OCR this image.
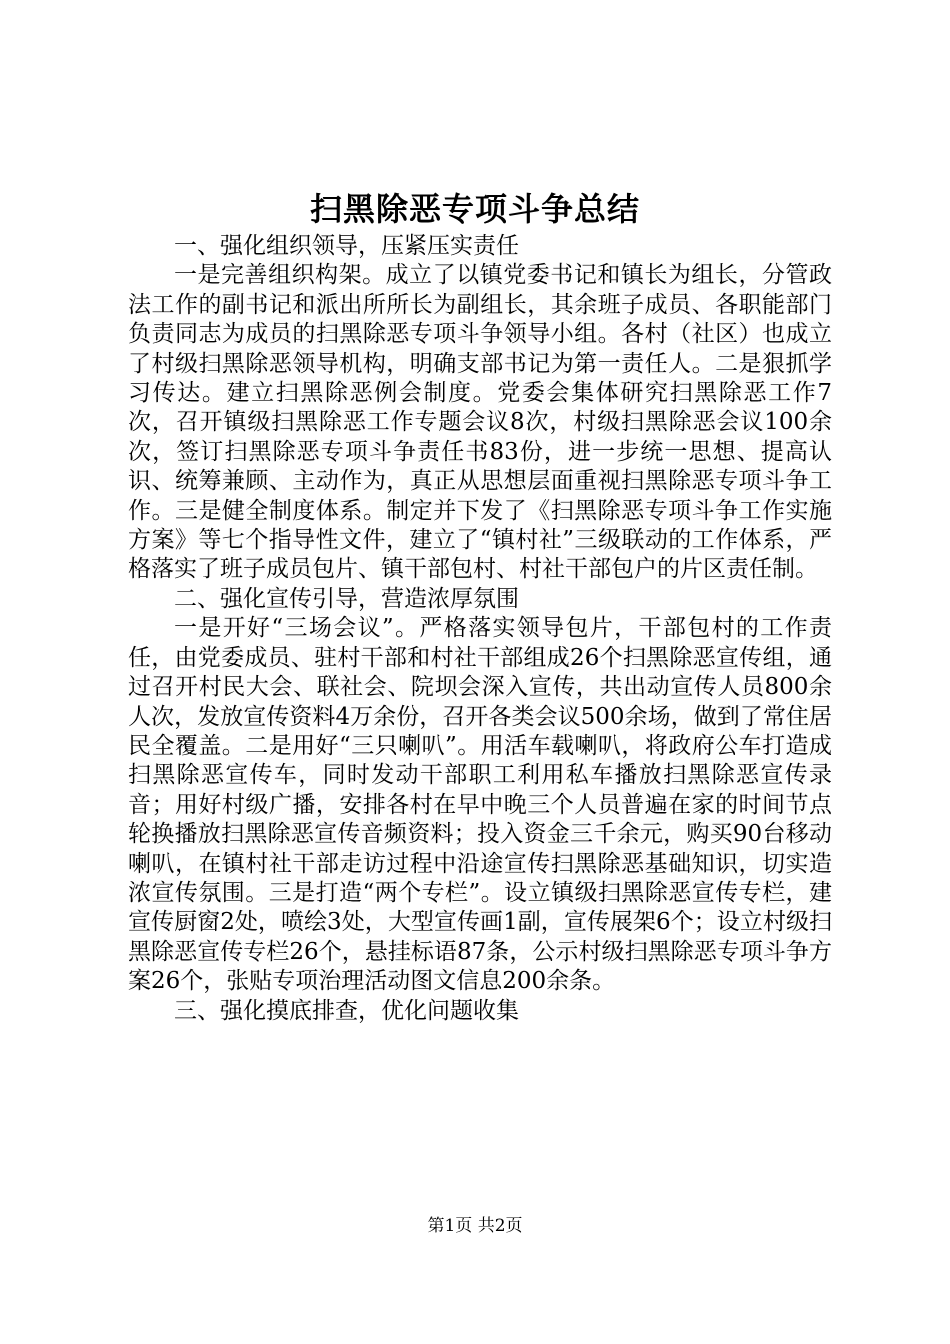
扫黑除恶专项斗争总结

一、强化组织领导，压紧压实责任

一是完善组织构架。成立了以镇党委书记和镇长为组长，分管政法工作的副书记和派出所所长为副组长，其余班子成员、各职能部门负责同志为成员的扫黑除恶专项斗争领导小组。各村（社区）也成立了村级扫黑除恶领导机构，明确支部书记为第一责任人。二是狠抓学习传达。建立扫黑除恶例会制度。党委会集体研究扫黑除恶工作7次，召开镇级扫黑除恶工作专题会议8次，村级扫黑除恶会议100余次，签订扫黑除恶专项斗争责任书83份，进一步统一思想、提高认识、统筹兼顾、主动作为，真正从思想层面重视扫黑除恶专项斗争工作。三是健全制度体系。制定并下发了《扫黑除恶专项斗争工作实施方案》等七个指导性文件，建立了“镇村社”三级联动的工作体系，严格落实了班子成员包片、镇干部包村、村社干部包户的片区责任制。

二、强化宣传引导，营造浓厚氛围

一是开好“三场会议”。严格落实领导包片，干部包村的工作责任，由党委成员、驻村干部和村社干部组成26个扫黑除恶宣传组，通过召开村民大会、联社会、院坝会深入宣传，共出动宣传人员800余人次，发放宣传资料4万余份，召开各类会议500余场，做到了常住居民全覆盖。二是用好“三只喇叭”。用活车载喇叭，将政府公车打造成扫黑除恶宣传车，同时发动干部职工利用私车播放扫黑除恶宣传录音；用好村级广播，安排各村在早中晚三个人员普遍在家的时间节点轮换播放扫黑除恶宣传音频资料；投入资金三千余元，购买90台移动喇叭，在镇村社干部走访过程中沿途宣传扫黑除恶基础知识，切实造浓宣传氛围。三是打造“两个专栏”。设立镇级扫黑除恶宣传专栏，建宣传厨窗2处，喷绘3处，大型宣传画1副，宣传展架6个；设立村级扫黑除恶宣传专栏26个，悬挂标语87条，公示村级扫黑除恶专项斗争方案26个，张贴专项治理活动图文信息200余条。

三、强化摸底排查，优化问题收集

第1页 共2页
